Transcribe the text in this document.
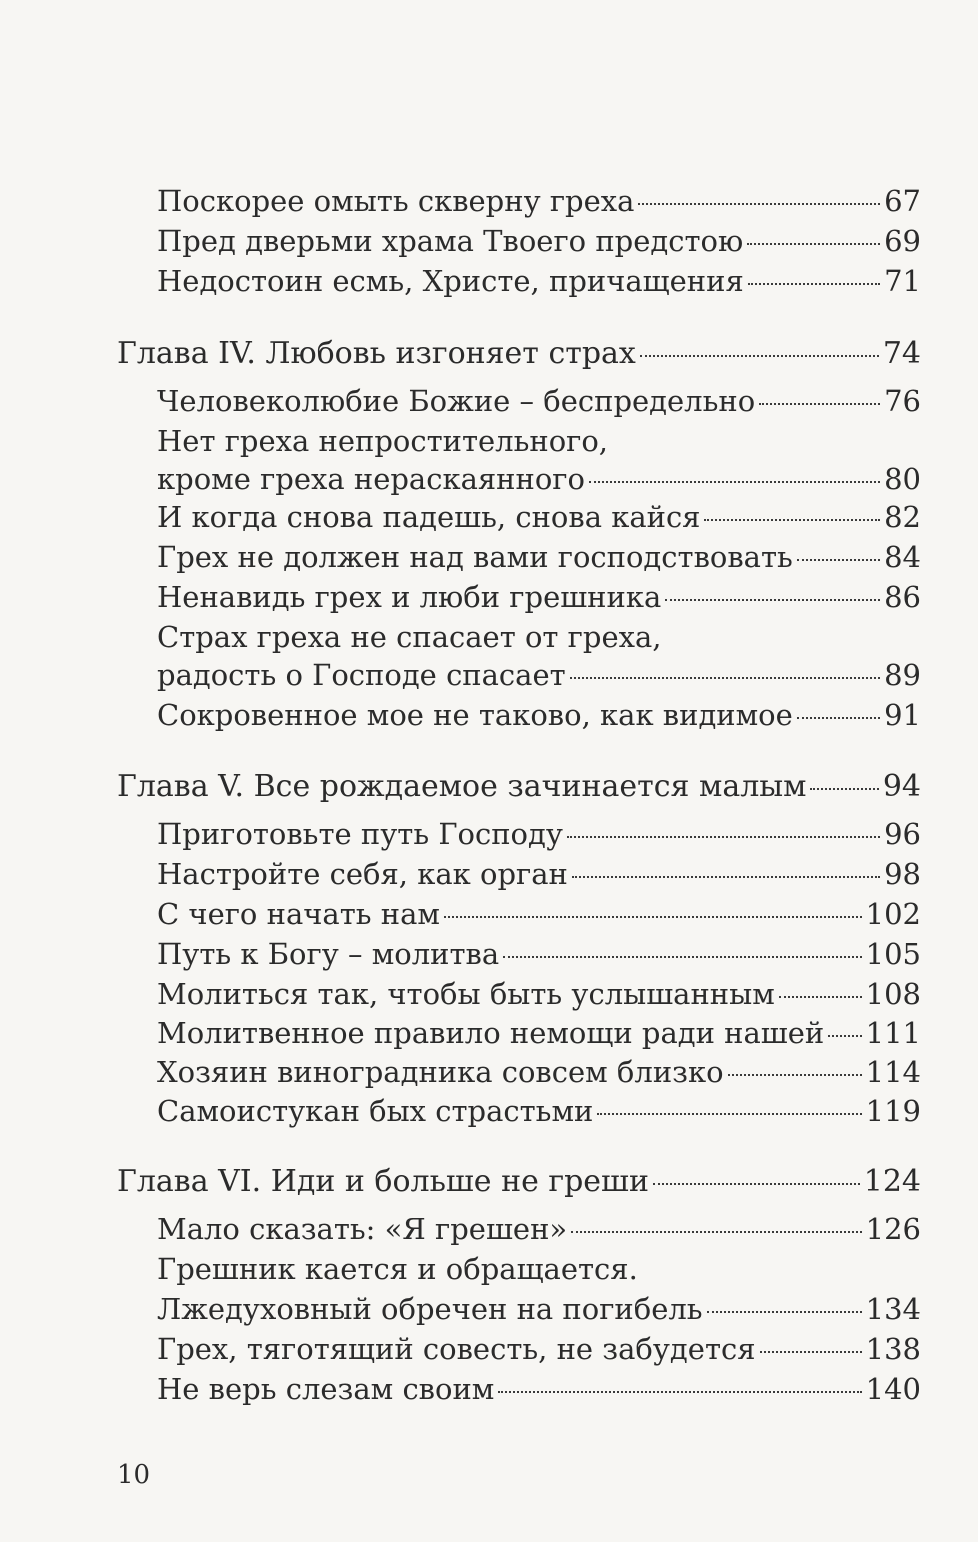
Поскорее омыть скверну греха	67
Пред дверьми храма Твоего предстою	69
Недостоин есмь, Христе, причащения	71
Глава IV. Любовь изгоняет страх	74
Человеколюбие Божие – беспредельно	76
Нет греха непростительного,
кроме греха нераскаянного	80
И когда снова падешь, снова кайся	82
Грех не должен над вами господствовать	84
Ненавидь грех и люби грешника	86
Страх греха не спасает от греха,
радость о Господе спасает	89
Сокровенное мое не таково, как видимое	91
Глава V. Все рождаемое зачинается малым	94
Приготовьте путь Господу	96
Настройте себя, как орган	98
С чего начать нам	102
Путь к Богу – молитва	105
Молиться так, чтобы быть услышанным	108
Молитвенное правило немощи ради нашей 111
Хозяин виноградника совсем близко	114
Самоистукан бых страстьми	119
Глава VI. Иди и больше не греши	124
Мало сказать: «Я грешен»	126
Грешник кается и обращается.
Лжедуховный обречен на погибель	134
Грех, тяготящий совесть, не забудется	138
Не верь слезам своим	140
10
